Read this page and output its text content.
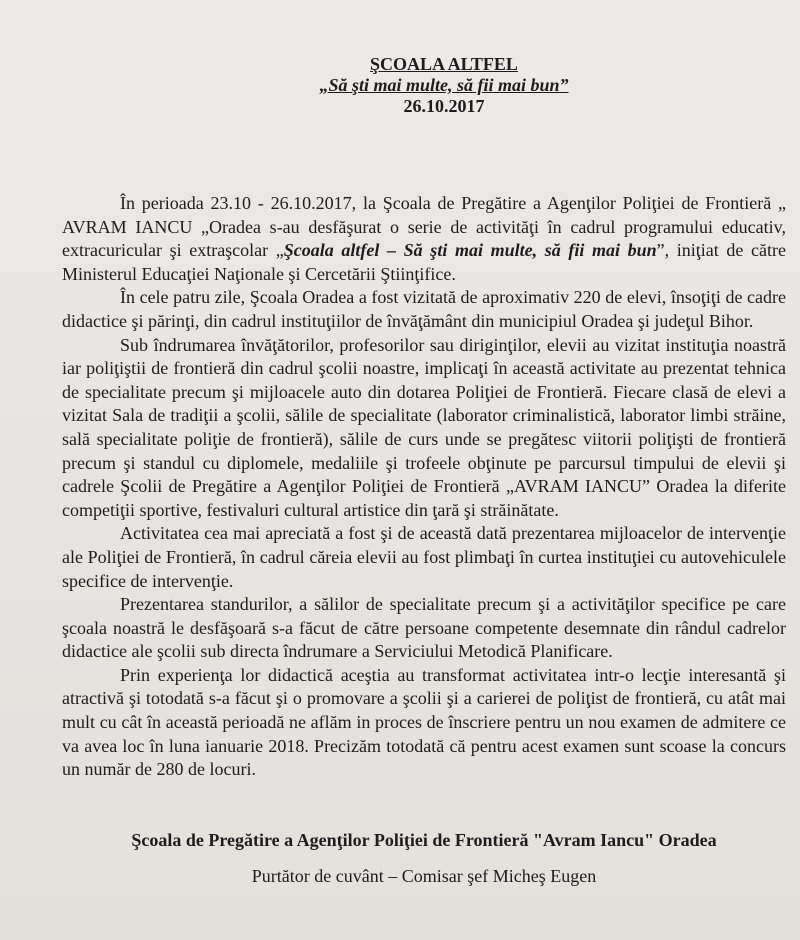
ŞCOALA ALTFEL
„Să şti mai multe, să fii mai bun”
26.10.2017

În perioada 23.10 - 26.10.2017, la Şcoala de Pregătire a Agenţilor Poliţiei de Frontieră „ AVRAM IANCU „Oradea s-au desfăşurat o serie de activităţi în cadrul programului educativ, extracuricular şi extraşcolar „Şcoala altfel – Să şti mai multe, să fii mai bun”, iniţiat de către Ministerul Educaţiei Naţionale şi Cercetării Ştiinţifice.

În cele patru zile, Şcoala Oradea a fost vizitată de aproximativ 220 de elevi, însoţiţi de cadre didactice şi părinţi, din cadrul instituţiilor de învăţământ din municipiul Oradea şi judeţul Bihor.

Sub îndrumarea învăţătorilor, profesorilor sau diriginţilor, elevii au vizitat instituţia noastră iar poliţiştii de frontieră din cadrul şcolii noastre, implicaţi în această activitate au prezentat tehnica de specialitate precum şi mijloacele auto din dotarea Poliţiei de Frontieră. Fiecare clasă de elevi a vizitat Sala de tradiţii a şcolii, sălile de specialitate (laborator criminalistică, laborator limbi străine, sală specialitate poliţie de frontieră), sălile de curs unde se pregătesc viitorii poliţişti de frontieră precum şi standul cu diplomele, medaliile şi trofeele obţinute pe parcursul timpului de elevii şi cadrele Şcolii de Pregătire a Agenţilor Poliţiei de Frontieră „AVRAM IANCU” Oradea la diferite competiţii sportive, festivaluri cultural artistice din ţară şi străinătate.

Activitatea cea mai apreciată a fost şi de această dată prezentarea mijloacelor de intervenţie ale Poliţiei de Frontieră, în cadrul căreia elevii au fost plimbaţi în curtea instituţiei cu autovehiculele specifice de intervenţie.

Prezentarea standurilor, a sălilor de specialitate precum şi a activităţilor specifice pe care şcoala noastră le desfăşoară s-a făcut de către persoane competente desemnate din rândul cadrelor didactice ale şcolii sub directa îndrumare a Serviciului Metodică Planificare.

Prin experienţa lor didactică aceştia au transformat activitatea intr-o lecţie interesantă şi atractivă şi totodată s-a făcut şi o promovare a şcolii şi a carierei de poliţist de frontieră, cu atât mai mult cu cât în această perioadă ne aflăm in proces de înscriere pentru un nou examen de admitere ce va avea loc în luna ianuarie 2018. Precizăm totodată că pentru acest examen sunt scoase la concurs un număr de 280 de locuri.

Şcoala de Pregătire a Agenţilor Poliţiei de Frontieră "Avram Iancu" Oradea
Purtător de cuvânt – Comisar şef Micheş Eugen
